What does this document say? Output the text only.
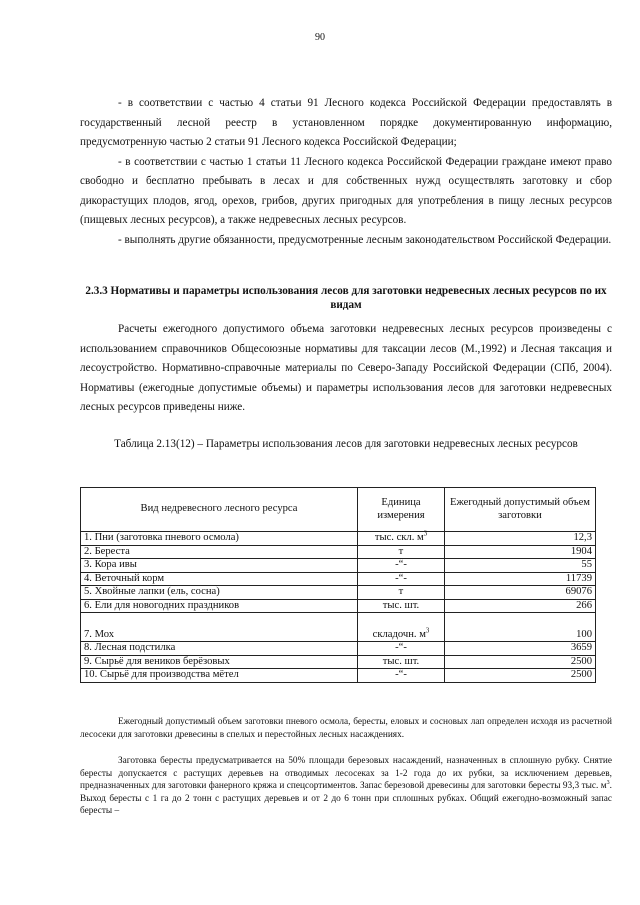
90

- в соответствии с частью 4 статьи 91 Лесного кодекса Российской Федерации предоставлять в государственный лесной реестр в установленном порядке документированную информацию, предусмотренную частью 2 статьи 91 Лесного кодекса Российской Федерации;

- в соответствии с частью 1 статьи 11 Лесного кодекса Российской Федерации граждане имеют право свободно и бесплатно пребывать в лесах и для собственных нужд осуществлять заготовку и сбор дикорастущих плодов, ягод, орехов, грибов, других пригодных для употребления в пищу лесных ресурсов (пищевых лесных ресурсов), а также недревесных лесных ресурсов.

- выполнять другие обязанности, предусмотренные лесным законодательством Российской Федерации.

2.3.3 Нормативы и параметры использования лесов для заготовки недревесных лесных ресурсов по их видам

Расчеты ежегодного допустимого объема заготовки недревесных лесных ресурсов произведены с использованием справочников Общесоюзные нормативы для таксации лесов (М.,1992) и Лесная таксация и лесоустройство. Нормативно-справочные материалы по Северо-Западу Российской Федерации (СПб, 2004). Нормативы (ежегодные допустимые объемы) и параметры использования лесов для заготовки недревесных лесных ресурсов приведены ниже.

Таблица 2.13(12) – Параметры использования лесов для заготовки недревесных лесных ресурсов
Вид недревесного лесного ресурса	Единица измерения	Ежегодный допустимый объем заготовки
1. Пни (заготовка пневого осмола)	тыс. скл. $м^3$	12,3
2. Береста	т	1904
3. Кора ивы	-“-	55
4. Веточный корм	-“-	11739
5. Хвойные лапки (ель, сосна)	т	69076
6. Ели для новогодних праздников	тыс. шт.	266
7. Мох	складочн. $м^3$	100
8. Лесная подстилка	-“-	3659
9. Сырьё для веников берёзовых	тыс. шт.	2500
10. Сырьё для производства мётел	-“-	2500

Ежегодный допустимый объем заготовки пневого осмола, бересты, еловых и сосновых лап определен исходя из расчетной лесосеки для заготовки древесины в спелых и перестойных лесных насаждениях.

Заготовка бересты предусматривается на 50% площади березовых насаждений, назначенных в сплошную рубку. Снятие бересты допускается с растущих деревьев на отводимых лесосеках за 1-2 года до их рубки, за исключением деревьев, предназначенных для заготовки фанерного кряжа и спецсортиментов. Запас березовой древесины для заготовки бересты 93,3 тыс. $м^3$. Выход бересты с 1 га до 2 тонн с растущих деревьев и от 2 до 6 тонн при сплошных рубках. Общий ежегодно-возможный запас бересты –
